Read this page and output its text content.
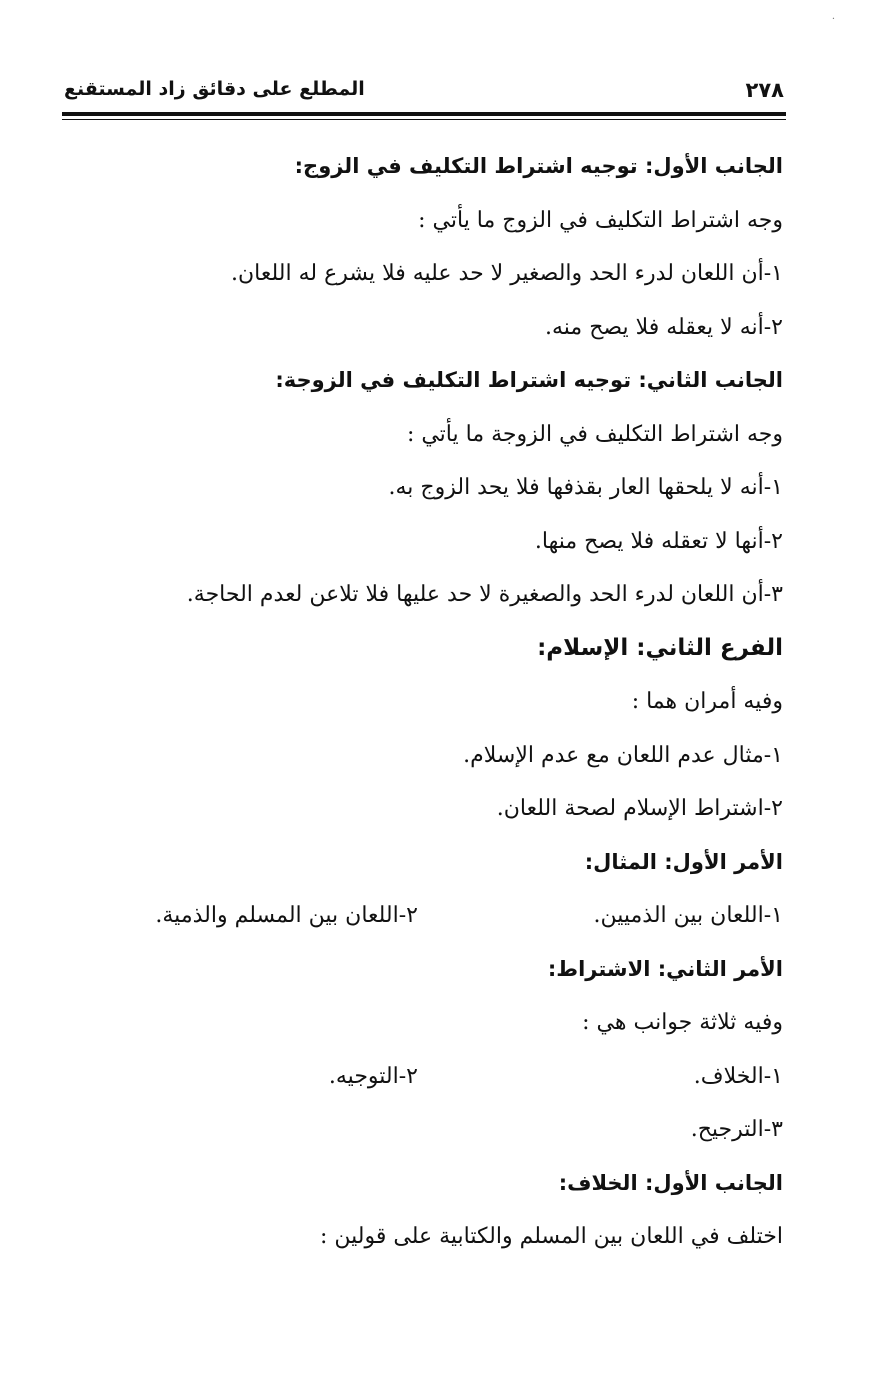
·
٢٧٨
المطلع على دقائق زاد المستقنع
الجانب الأول: توجيه اشتراط التكليف في الزوج:
وجه اشتراط التكليف في الزوج ما يأتي :
١-أن اللعان لدرء الحد والصغير لا حد عليه فلا يشرع له اللعان.
٢-أنه لا يعقله فلا يصح منه.
الجانب الثاني: توجيه اشتراط التكليف في الزوجة:
وجه اشتراط التكليف في الزوجة ما يأتي :
١-أنه لا يلحقها العار بقذفها فلا يحد الزوج به.
٢-أنها لا تعقله فلا يصح منها.
٣-أن اللعان لدرء الحد والصغيرة لا حد عليها فلا تلاعن لعدم الحاجة.
الفرع الثاني: الإسلام:
وفيه أمران هما :
١-مثال عدم اللعان مع عدم الإسلام.
٢-اشتراط الإسلام لصحة اللعان.
الأمر الأول: المثال:
١-اللعان بين الذميين.
٢-اللعان بين المسلم والذمية.
الأمر الثاني: الاشتراط:
وفيه ثلاثة جوانب هي :
١-الخلاف.
٢-التوجيه.
٣-الترجيح.
الجانب الأول: الخلاف:
اختلف في اللعان بين المسلم والكتابية على قولين :
